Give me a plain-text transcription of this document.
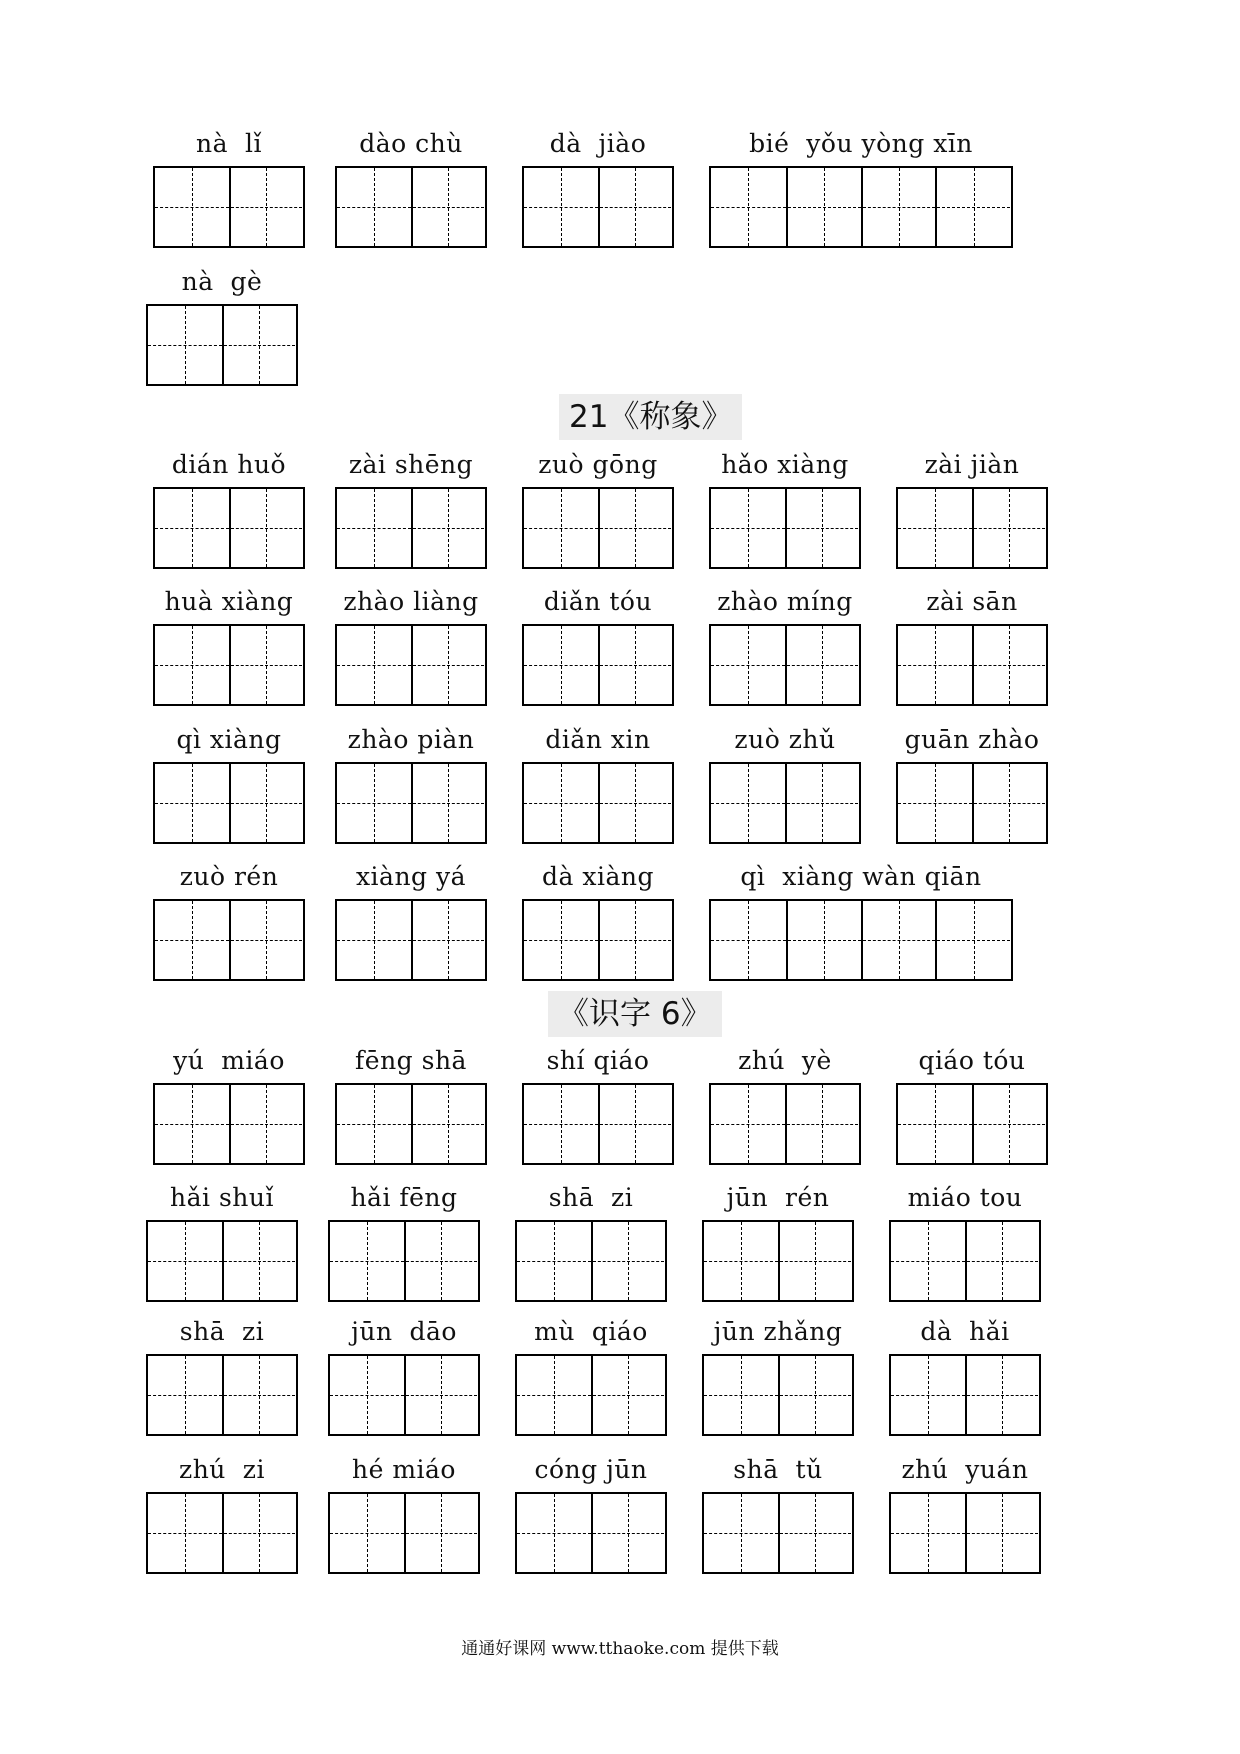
通通好课网 www.tthaoke.com 提供下载
nà  lǐ	dào chù	dà  jiào	bié  yǒu yòng xīn
nà  gè
21《称象》
dián huǒ	zài shēng	zuò gōng	hǎo xiàng	zài jiàn
huà xiàng	zhào liàng	diǎn tóu	zhào míng	zài sān
qì xiàng	zhào piàn	diǎn xin	zuò zhǔ	guān zhào
zuò rén	xiàng yá	dà xiàng	qì  xiàng wàn qiān
《识字 6》
yú  miáo	fēng shā	shí qiáo	zhú  yè	qiáo tóu
hǎi shuǐ	hǎi fēng	shā  zi	jūn  rén	miáo tou
shā  zi	jūn  dāo	mù  qiáo	jūn zhǎng	dà  hǎi
zhú  zi	hé miáo	cóng jūn	shā  tǔ	zhú  yuán
